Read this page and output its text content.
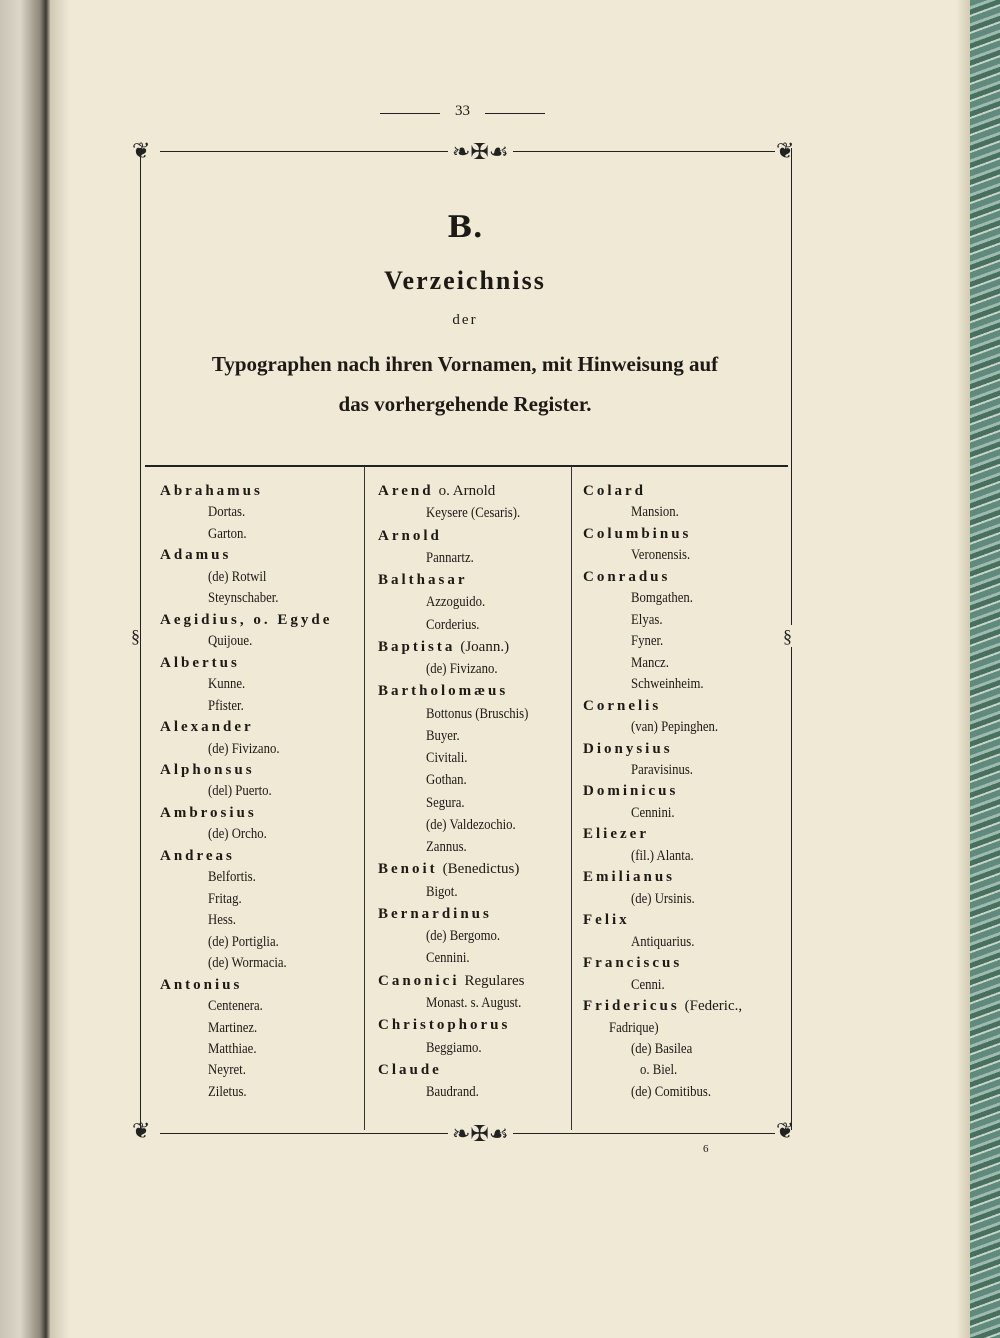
33
❦	❦
❦	❦
❧✠☙
❧✠☙
§	§
B.
Verzeichniss
der
Typographen nach ihren Vornamen, mit Hinweisung auf
das vorhergehende Register.
Abrahamus
Dortas.
Garton.
Adamus
(de) Rotwil
Steynschaber.
Aegidius, o. Egyde
Quijoue.
Albertus
Kunne.
Pfister.
Alexander
(de) Fivizano.
Alphonsus
(del) Puerto.
Ambrosius
(de) Orcho.
Andreas
Belfortis.
Fritag.
Hess.
(de) Portiglia.
(de) Wormacia.
Antonius
Centenera.
Martinez.
Matthiae.
Neyret.
Ziletus.
Arend o. Arnold
Keysere (Cesaris).
Arnold
Pannartz.
Balthasar
Azzoguido.
Corderius.
Baptista (Joann.)
(de) Fivizano.
Bartholomæus
Bottonus (Bruschis)
Buyer.
Civitali.
Gothan.
Segura.
(de) Valdezochio.
Zannus.
Benoit (Benedictus)
Bigot.
Bernardinus
(de) Bergomo.
Cennini.
Canonici Regulares
Monast. s. August.
Christophorus
Beggiamo.
Claude
Baudrand.
Colard
Mansion.
Columbinus
Veronensis.
Conradus
Bomgathen.
Elyas.
Fyner.
Mancz.
Schweinheim.
Cornelis
(van) Pepinghen.
Dionysius
Paravisinus.
Dominicus
Cennini.
Eliezer
(fil.) Alanta.
Emilianus
(de) Ursinis.
Felix
Antiquarius.
Franciscus
Cenni.
Fridericus (Federic.,
Fadrique)
(de) Basilea
o. Biel.
(de) Comitibus.
6
